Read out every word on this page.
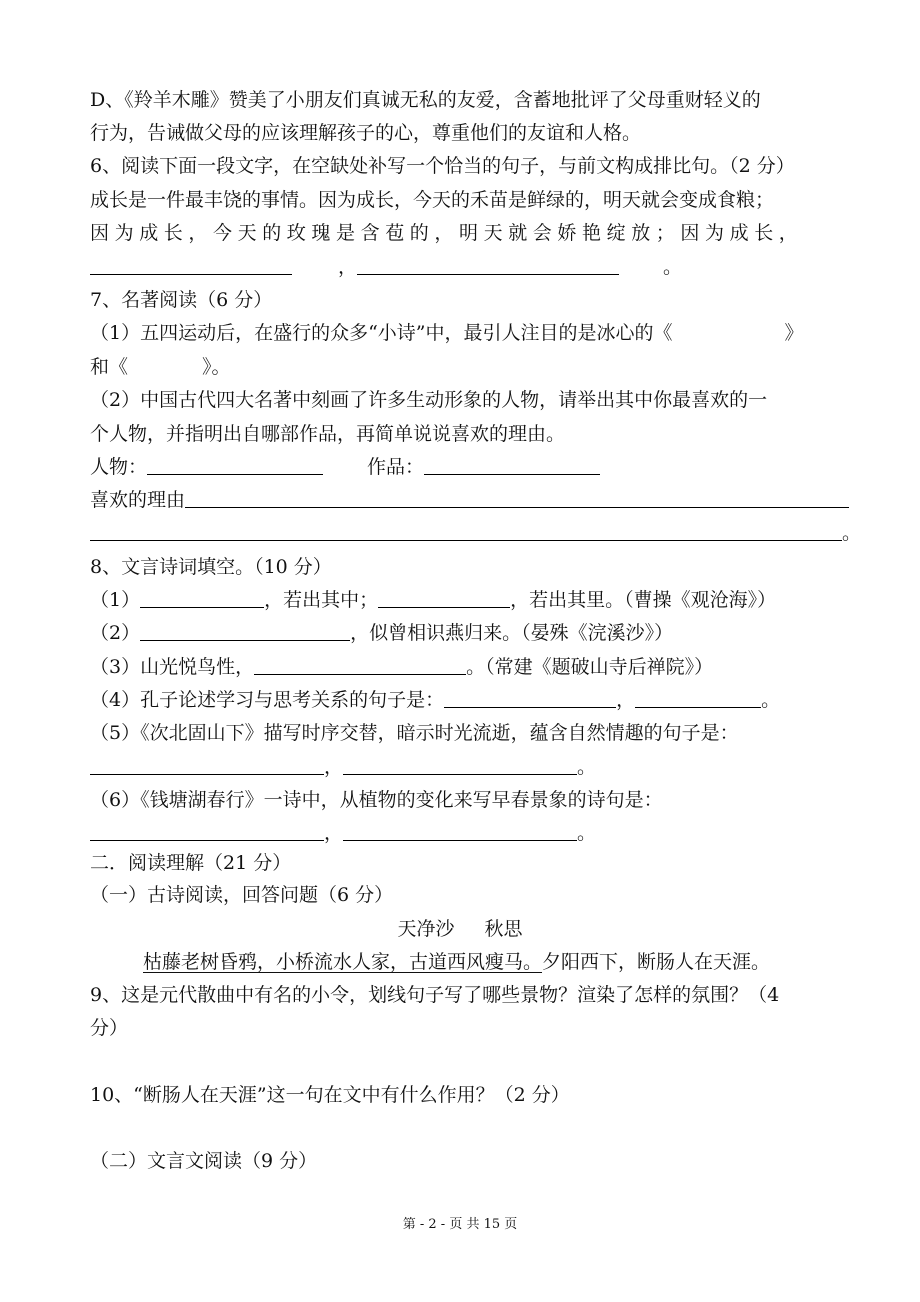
D、《羚羊木雕》赞美了小朋友们真诚无私的友爱，含蓄地批评了父母重财轻义的
行为，告诫做父母的应该理解孩子的心，尊重他们的友谊和人格。
6、阅读下面一段文字，在空缺处补写一个恰当的句子，与前文构成排比句。（2 分）
成长是一件最丰饶的事情。因为成长，今天的禾苗是鲜绿的，明天就会变成食粮；
因为成长，今天的玫瑰是含苞的，明天就会娇艳绽放；因为成长，
，	。
7、名著阅读（6 分）
（1）五四运动后，在盛行的众多“小诗”中，最引人注目的是冰心的《	》
和《	》。
（2）中国古代四大名著中刻画了许多生动形象的人物，请举出其中你最喜欢的一
个人物，并指明出自哪部作品，再简单说说喜欢的理由。
人物：	作品：
喜欢的理由
。
8、文言诗词填空。（10 分）
（1）	，若出其中；	，若出其里。（曹操《观沧海》）
（2）	，似曾相识燕归来。（晏殊《浣溪沙》）
（3）山光悦鸟性，	。（常建《题破山寺后禅院》）
（4）孔子论述学习与思考关系的句子是：	，	。
（5）《次北固山下》描写时序交替，暗示时光流逝，蕴含自然情趣的句子是：
，	。
（6）《钱塘湖春行》一诗中，从植物的变化来写早春景象的诗句是：
，	。
二．阅读理解（21 分）
（一）古诗阅读，回答问题（6 分）
天净沙 秋思
枯藤老树昏鸦，小桥流水人家，古道西风瘦马。夕阳西下，断肠人在天涯。
9、这是元代散曲中有名的小令，划线句子写了哪些景物？渲染了怎样的氛围？（4
分）
10、“断肠人在天涯”这一句在文中有什么作用？（2 分）
（二）文言文阅读（9 分）
第 - 2 - 页 共 15 页
